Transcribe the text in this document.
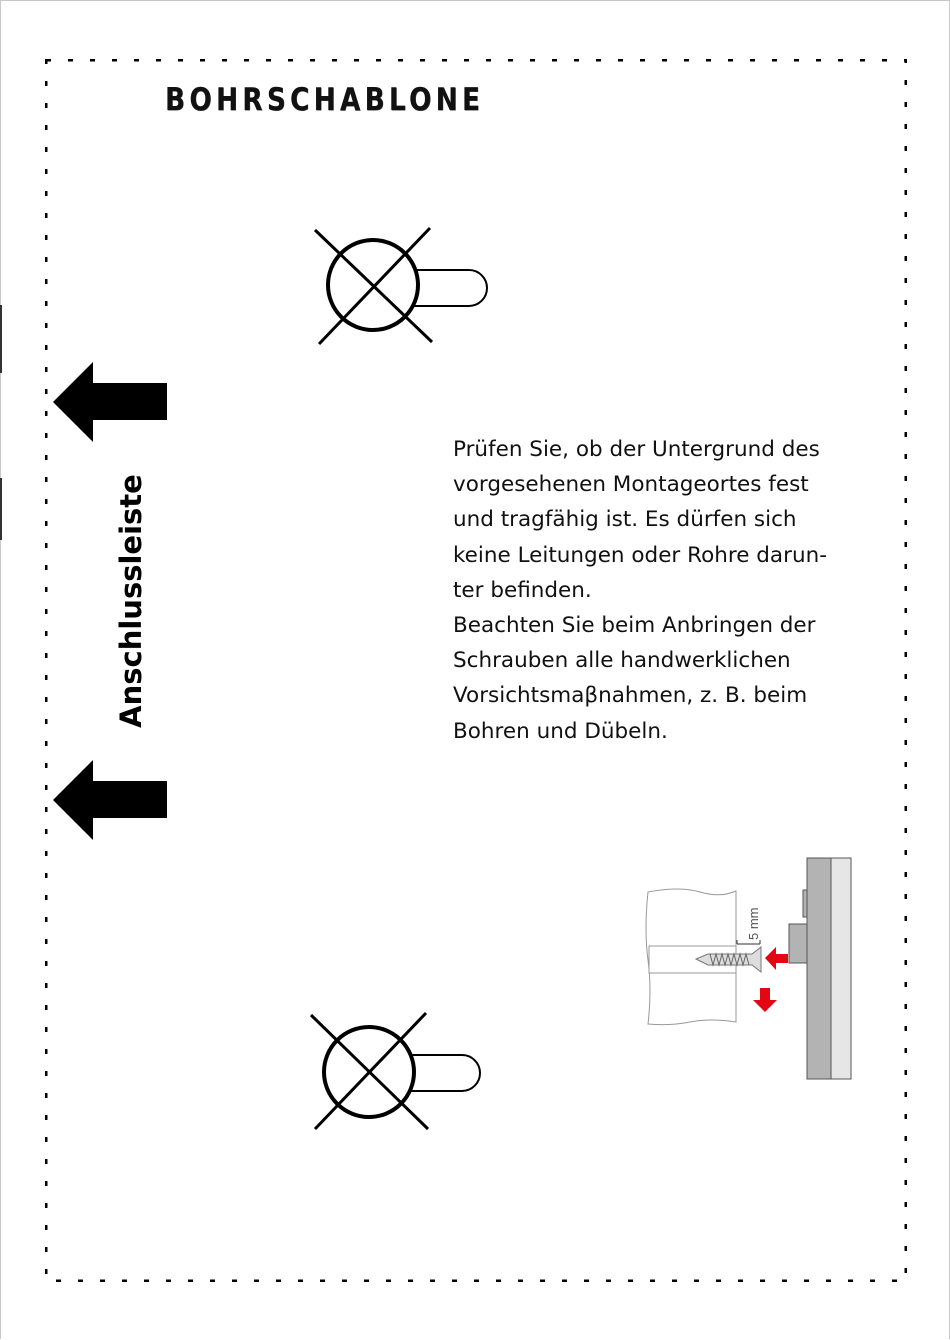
BOHRSCHABLONE
Anschlussleiste
Prüfen Sie, ob der Untergrund des
vorgesehenen Montageortes fest
und tragfähig ist. Es dürfen sich
keine Leitungen oder Rohre darun-
ter befinden.
Beachten Sie beim Anbringen der
Schrauben alle handwerklichen
Vorsichtsmaβnahmen, z. B. beim
Bohren und Dübeln.
5 mm
